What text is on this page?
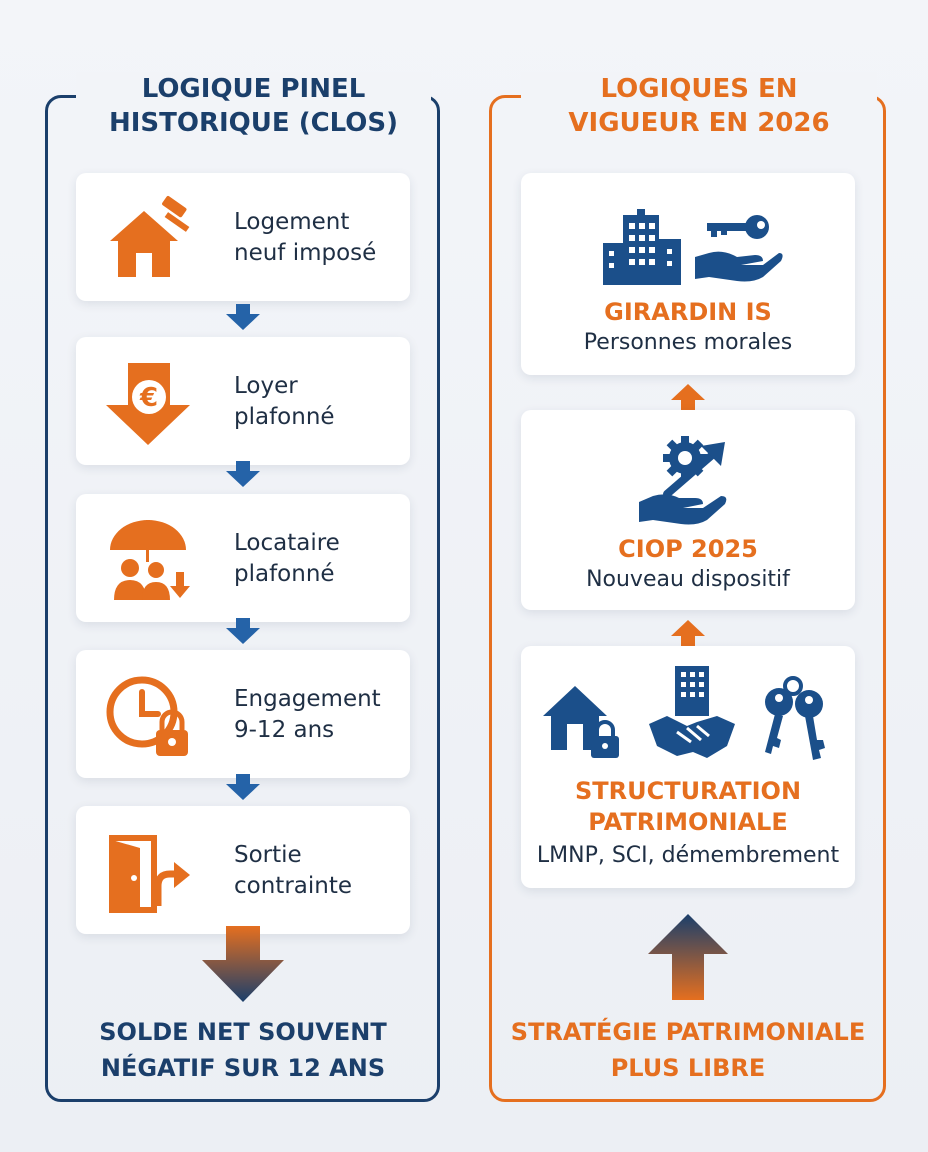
LOGIQUE PINEL
HISTORIQUE (CLOS)
Logement
neuf imposé
€	Loyer
plafonné
Locataire
plafonné
Engagement
9-12 ans
Sortie
contrainte
SOLDE NET SOUVENT
NÉGATIF SUR 12 ANS
LOGIQUES EN
VIGUEUR EN 2026
GIRARDIN IS
Personnes morales
CIOP 2025
Nouveau dispositif
STRUCTURATION
PATRIMONIALE
LMNP, SCI, démembrement
STRATÉGIE PATRIMONIALE
PLUS LIBRE
